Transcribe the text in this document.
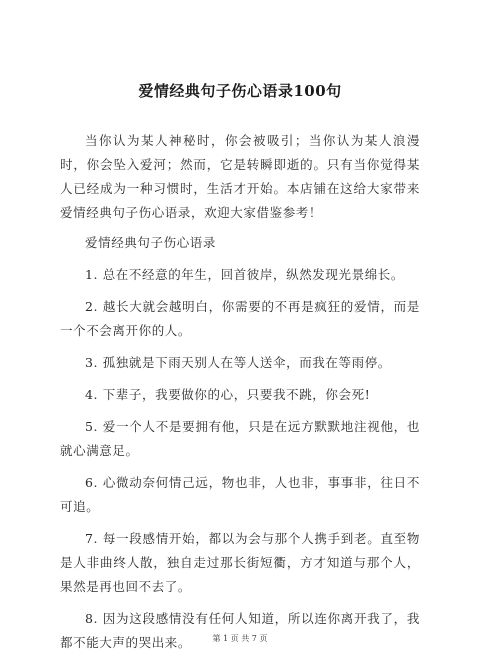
爱情经典句子伤心语录100句

当你认为某人神秘时，你会被吸引；当你认为某人浪漫时，你会坠入爱河；然而，它是转瞬即逝的。只有当你觉得某人已经成为一种习惯时，生活才开始。本店铺在这给大家带来爱情经典句子伤心语录，欢迎大家借鉴参考！

爱情经典句子伤心语录

1. 总在不经意的年生，回首彼岸，纵然发现光景绵长。

2. 越长大就会越明白，你需要的不再是疯狂的爱情，而是一个不会离开你的人。

3. 孤独就是下雨天别人在等人送伞，而我在等雨停。

4. 下辈子，我要做你的心，只要我不跳，你会死!

5. 爱一个人不是要拥有他，只是在远方默默地注视他，也就心满意足。

6. 心微动奈何情己远，物也非，人也非，事事非，往日不可追。

7. 每一段感情开始，都以为会与那个人携手到老。直至物是人非曲终人散，独自走过那长街短衢，方才知道与那个人，果然是再也回不去了。

8. 因为这段感情没有任何人知道，所以连你离开我了，我都不能大声的哭出来。	第 1 页 共 7 页
